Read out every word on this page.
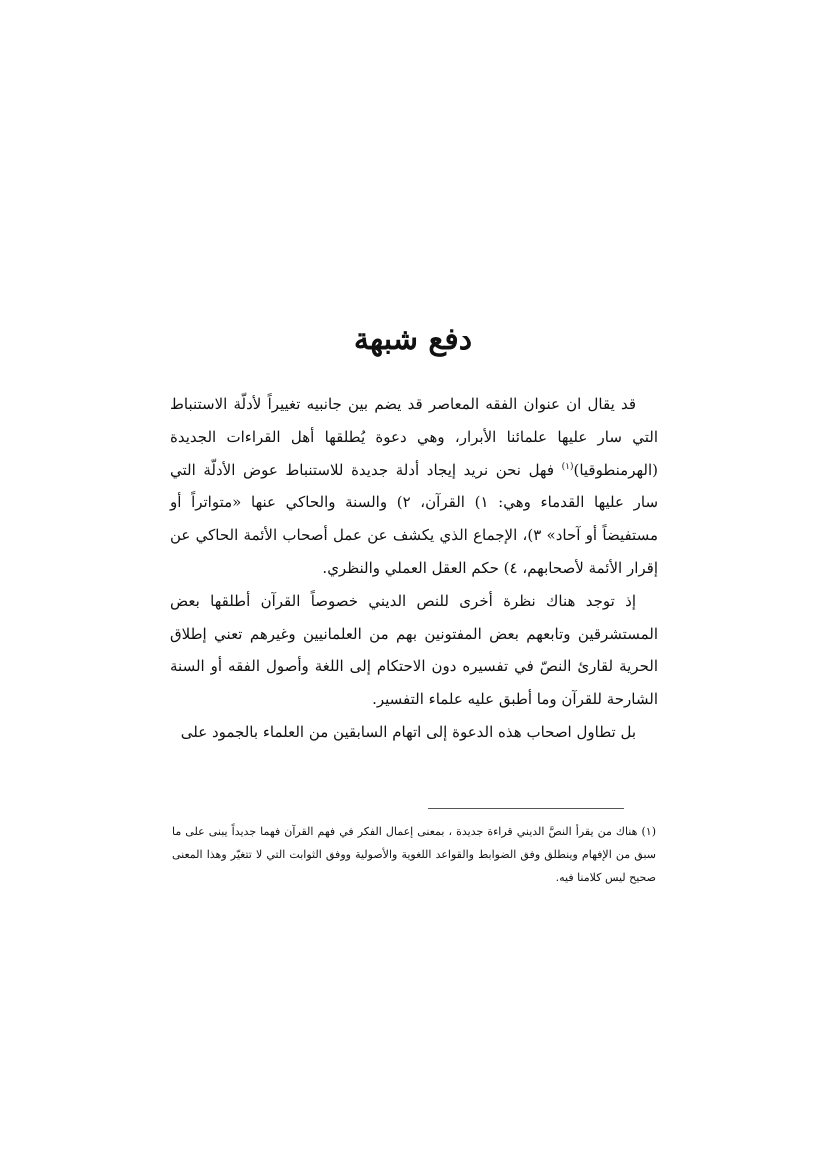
دفع شبهة

قد يقال ان عنوان الفقه المعاصر قد يضم بين جانبيه تغييراً لأدلّة الاستنباط التي سار عليها علمائنا الأبرار، وهي دعوة يُطلقها أهل القراءات الجديدة (الهرمنطوقيا)$^{(١)}$ فهل نحن نريد إيجاد أدلة جديدة للاستنباط عوض الأدلّة التي سار عليها القدماء وهي: ١) القرآن، ٢) والسنة والحاكي عنها «متواتراً أو مستفيضاً أو آحاد» ٣)، الإجماع الذي يكشف عن عمل أصحاب الأئمة الحاكي عن إقرار الأئمة لأصحابهم، ٤) حكم العقل العملي والنظري.

إذ توجد هناك نظرة أخرى للنص الديني خصوصاً القرآن أطلقها بعض المستشرقين وتابعهم بعض المفتونين بهم من العلمانيين وغيرهم تعني إطلاق الحرية لقارئ النصّ في تفسيره دون الاحتكام إلى اللغة وأصول الفقه أو السنة الشارحة للقرآن وما أطبق عليه علماء التفسير.

بل تطاول اصحاب هذه الدعوة إلى اتهام السابقين من العلماء بالجمود على

(١) هناك من يقرأ النصَّ الديني قراءة جديدة ، بمعنى إعمال الفكر في فهم القرآن فهما جديداً يبنى على ما سبق من الإفهام وينطلق وفق الضوابط والقواعد اللغوية والأصولية ووفق الثوابت التي لا تتغيّر وهذا المعنى صحيح ليس كلامنا فيه.
